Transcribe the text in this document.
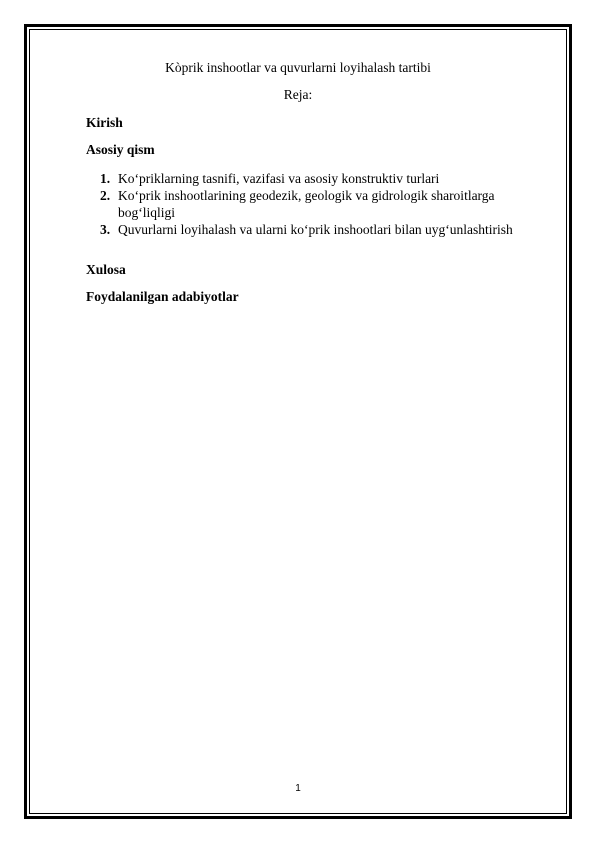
Kòprik inshootlar va quvurlarni loyihalash tartibi
Reja:
Kirish
Asosiy qism
1. Ko‘priklarning tasnifi, vazifasi va asosiy konstruktiv turlari
2. Ko‘prik inshootlarining geodezik, geologik va gidrologik sharoitlarga bog‘liqligi
3. Quvurlarni loyihalash va ularni ko‘prik inshootlari bilan uyg‘unlashtirish
Xulosa
Foydalanilgan adabiyotlar
1
